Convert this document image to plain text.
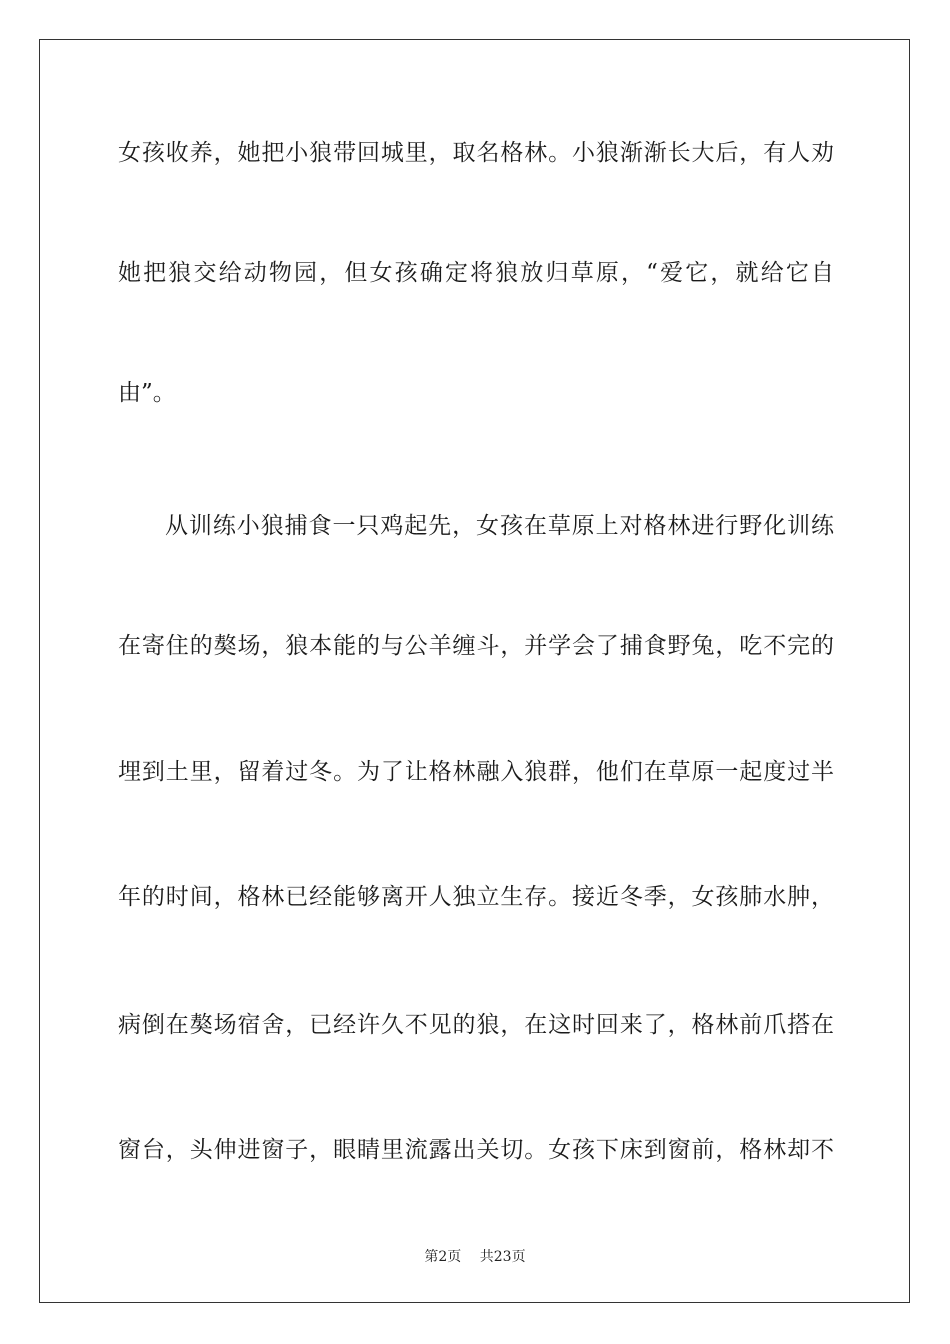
女孩收养，她把小狼带回城里，取名格林。小狼渐渐长大后，有人劝
她把狼交给动物园，但女孩确定将狼放归草原，“爱它，就给它自
由”。
从训练小狼捕食一只鸡起先，女孩在草原上对格林进行野化训练
在寄住的獒场，狼本能的与公羊缠斗，并学会了捕食野兔，吃不完的
埋到土里，留着过冬。为了让格林融入狼群，他们在草原一起度过半
年的时间，格林已经能够离开人独立生存。接近冬季，女孩肺水肿，
病倒在獒场宿舍，已经许久不见的狼，在这时回来了，格林前爪搭在
窗台，头伸进窗子，眼睛里流露出关切。女孩下床到窗前，格林却不
第2页 共23页
